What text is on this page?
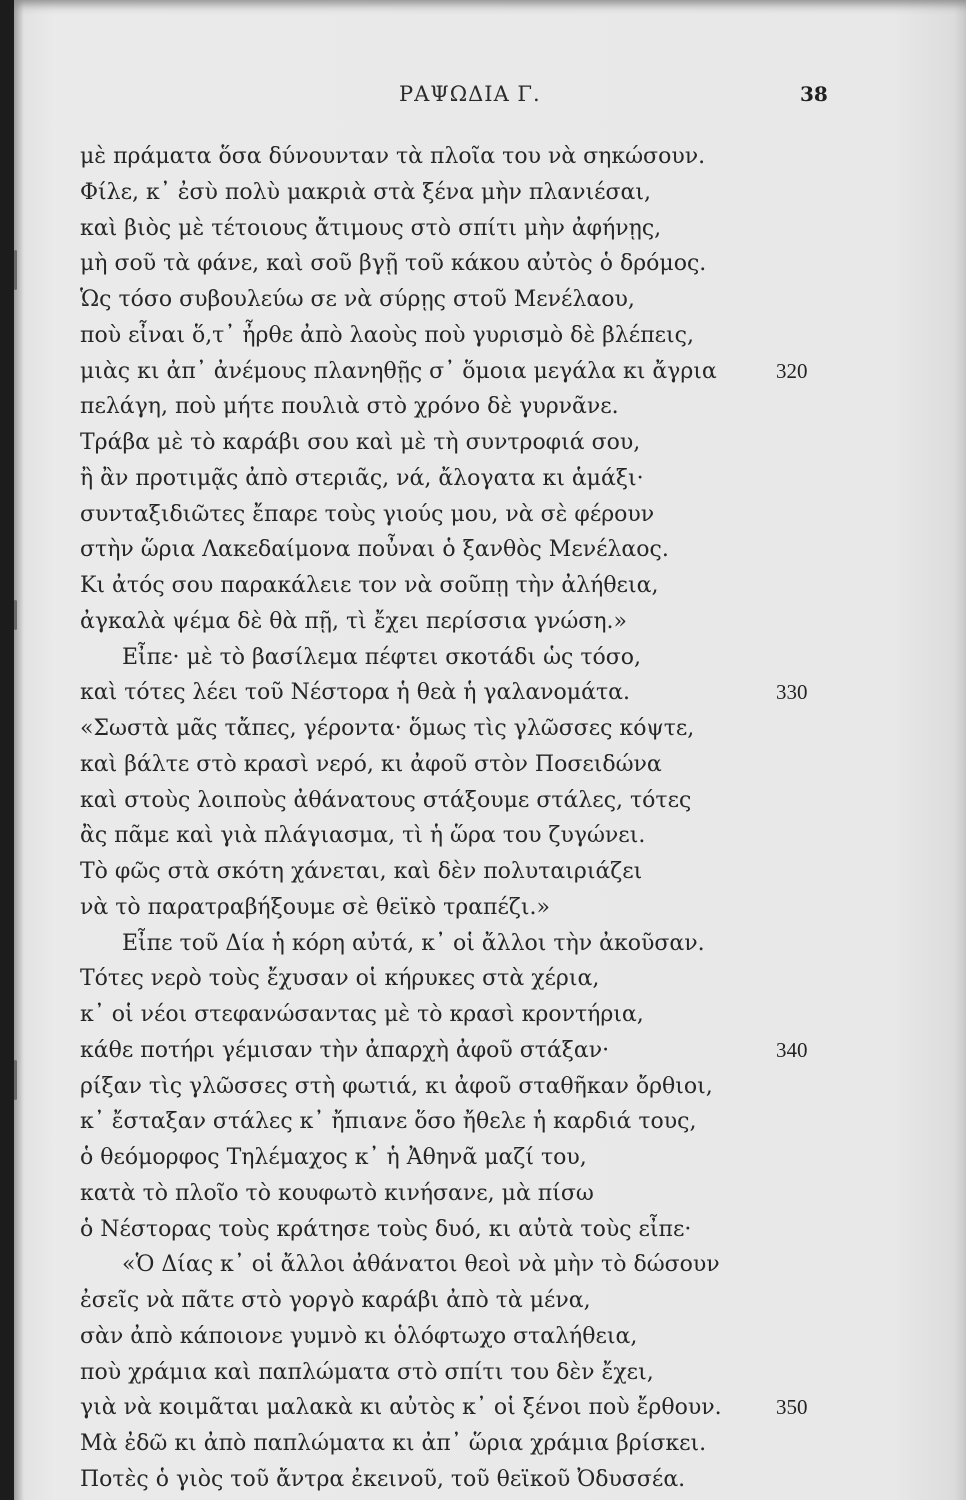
ΡΑΨΩΔΙΑ Γ.	38
μὲ πράματα ὅσα δύνουνταν τὰ πλοῖα του νὰ σηκώσουν.
Φίλε, κ᾽ ἐσὺ πολὺ μακριὰ στὰ ξένα μὴν πλανιέσαι,
καὶ βιὸς μὲ τέτοιους ἄτιμους στὸ σπίτι μὴν ἀφήνῃς,
μὴ σοῦ τὰ φάνε, καὶ σοῦ βγῇ τοῦ κάκου αὐτὸς ὁ δρόμος.
Ὡς τόσο συβουλεύω σε νὰ σύρῃς στοῦ Μενέλαου,
ποὺ εἶναι ὅ,τ᾽ ἦρθε ἀπὸ λαοὺς ποὺ γυρισμὸ δὲ βλέπεις,
μιὰς κι ἀπ᾽ ἀνέμους πλανηθῇς σ᾽ ὅμοια μεγάλα κι ἄγρια	320
πελάγη, ποὺ μήτε πουλιὰ στὸ χρόνο δὲ γυρνᾶνε.
Τράβα μὲ τὸ καράβι σου καὶ μὲ τὴ συντροφιά σου,
ἢ ἂν προτιμᾷς ἀπὸ στεριᾶς, νά, ἄλογατα κι ἁμάξι·
συνταξιδιῶτες ἔπαρε τοὺς γιούς μου, νὰ σὲ φέρουν
στὴν ὥρια Λακεδαίμονα ποὖναι ὁ ξανθὸς Μενέλαος.
Κι ἀτός σου παρακάλειε τον νὰ σοῦπῃ τὴν ἀλήθεια,
ἀγκαλὰ ψέμα δὲ θὰ πῇ, τὶ ἔχει περίσσια γνώση.»
Εἶπε· μὲ τὸ βασίλεμα πέφτει σκοτάδι ὡς τόσο,
καὶ τότες λέει τοῦ Νέστορα ἡ θεὰ ἡ γαλανομάτα.	330
«Σωστὰ μᾶς τἄπες, γέροντα· ὅμως τὶς γλῶσσες κόψτε,
καὶ βάλτε στὸ κρασὶ νερό, κι ἀφοῦ στὸν Ποσειδώνα
καὶ στοὺς λοιποὺς ἀθάνατους στάξουμε στάλες, τότες
ἂς πᾶμε καὶ γιὰ πλάγιασμα, τὶ ἡ ὥρα του ζυγώνει.
Τὸ φῶς στὰ σκότη χάνεται, καὶ δὲν πολυταιριάζει
νὰ τὸ παρατραβήξουμε σὲ θεϊκὸ τραπέζι.»
Εἶπε τοῦ Δία ἡ κόρη αὐτά, κ᾽ οἱ ἄλλοι τὴν ἀκοῦσαν.
Τότες νερὸ τοὺς ἔχυσαν οἱ κήρυκες στὰ χέρια,
κ᾽ οἱ νέοι στεφανώσαντας μὲ τὸ κρασὶ κροντήρια,
κάθε ποτήρι γέμισαν τὴν ἀπαρχὴ ἀφοῦ στάξαν·	340
ρίξαν τὶς γλῶσσες στὴ φωτιά, κι ἀφοῦ σταθῆκαν ὄρθιοι,
κ᾽ ἔσταξαν στάλες κ᾽ ἤπιανε ὅσο ἤθελε ἡ καρδιά τους,
ὁ θεόμορφος Τηλέμαχος κ᾽ ἡ Ἀθηνᾶ μαζί του,
κατὰ τὸ πλοῖο τὸ κουφωτὸ κινήσανε, μὰ πίσω
ὁ Νέστορας τοὺς κράτησε τοὺς δυό, κι αὐτὰ τοὺς εἶπε·
«Ὁ Δίας κ᾽ οἱ ἄλλοι ἀθάνατοι θεοὶ νὰ μὴν τὸ δώσουν
ἐσεῖς νὰ πᾶτε στὸ γοργὸ καράβι ἀπὸ τὰ μένα,
σὰν ἀπὸ κάποιονε γυμνὸ κι ὁλόφτωχο σταλήθεια,
ποὺ χράμια καὶ παπλώματα στὸ σπίτι του δὲν ἔχει,
γιὰ νὰ κοιμᾶται μαλακὰ κι αὐτὸς κ᾽ οἱ ξένοι ποὺ ἔρθουν.	350
Μὰ ἐδῶ κι ἀπὸ παπλώματα κι ἀπ᾽ ὥρια χράμια βρίσκει.
Ποτὲς ὁ γιὸς τοῦ ἄντρα ἐκεινοῦ, τοῦ θεϊκοῦ Ὀδυσσέα.
